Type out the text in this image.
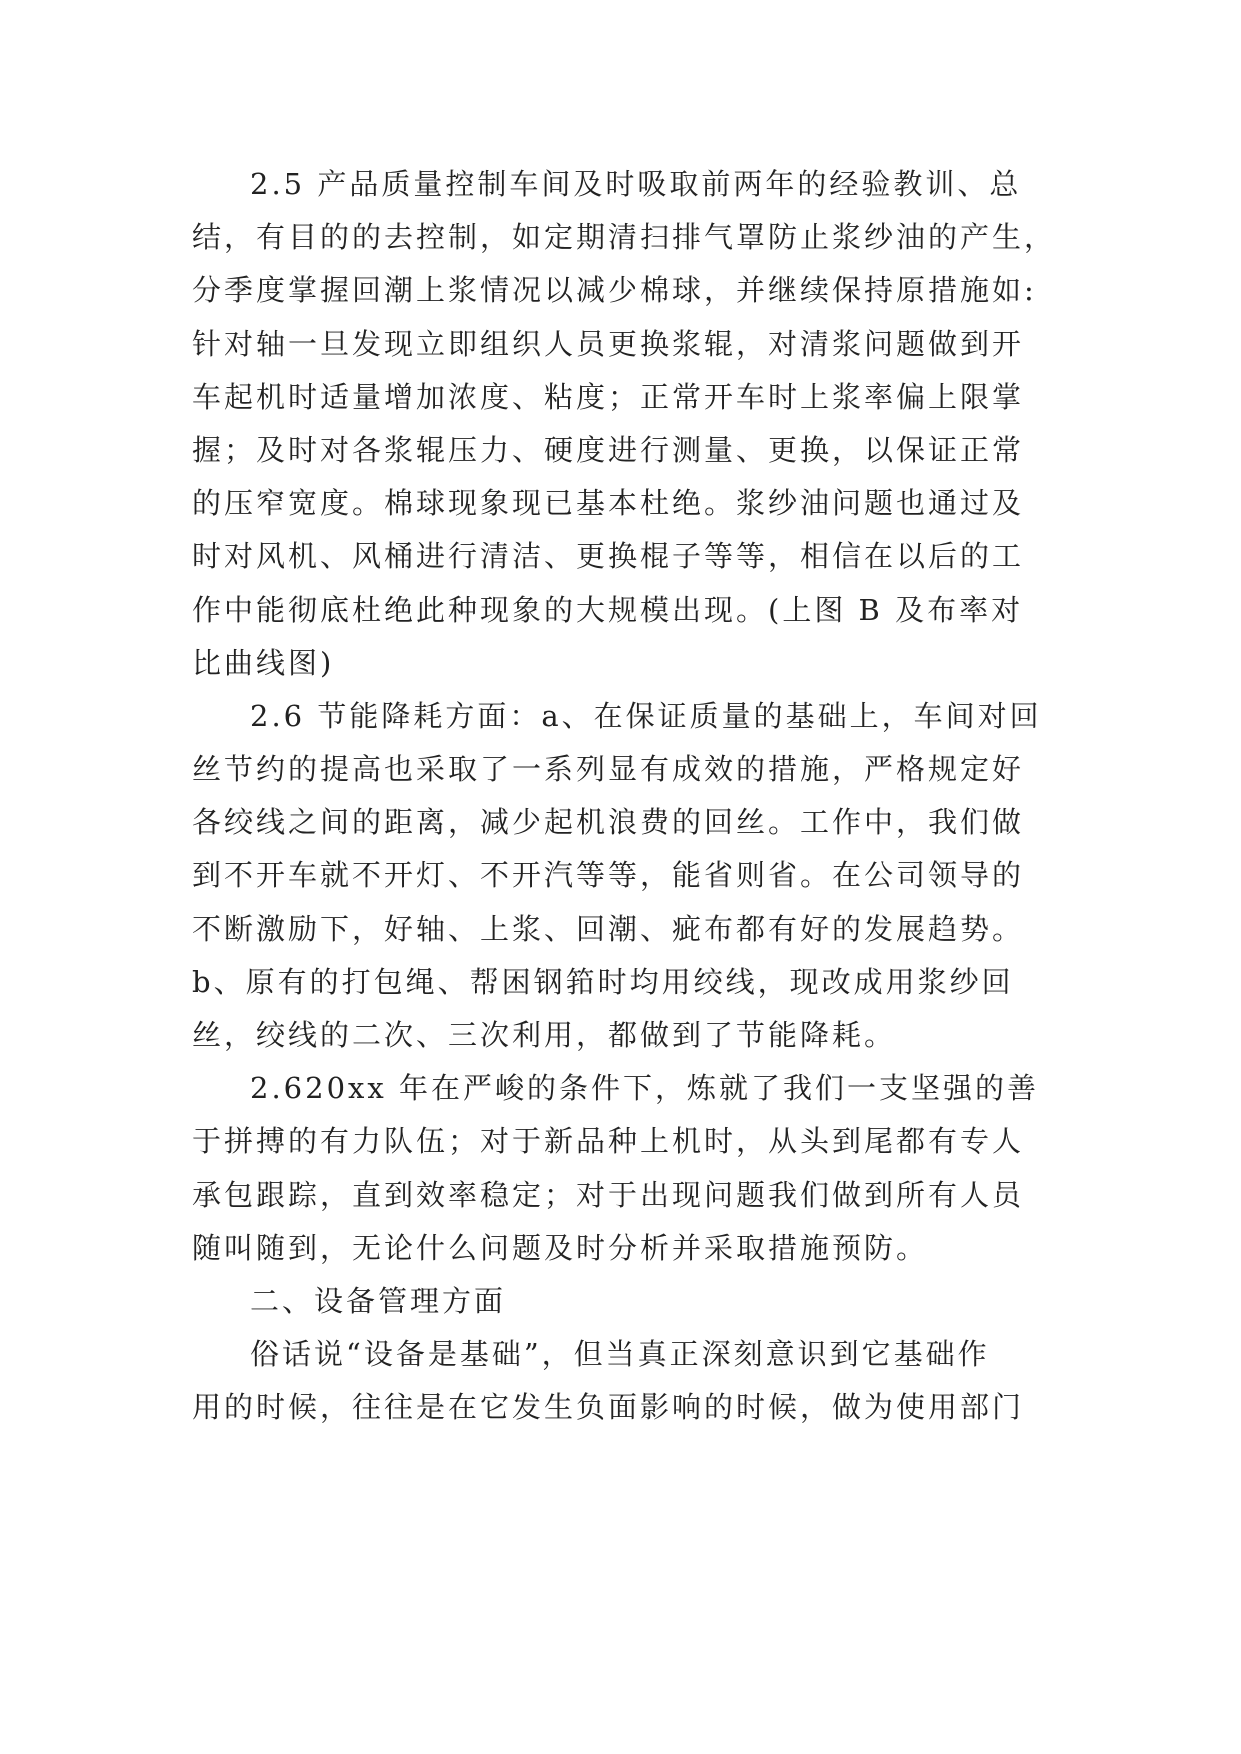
2.5 产品质量控制车间及时吸取前两年的经验教训、总
结，有目的的去控制，如定期清扫排气罩防止浆纱油的产生，
分季度掌握回潮上浆情况以减少棉球，并继续保持原措施如:
针对轴一旦发现立即组织人员更换浆辊，对清浆问题做到开
车起机时适量增加浓度、粘度；正常开车时上浆率偏上限掌
握；及时对各浆辊压力、硬度进行测量、更换，以保证正常
的压窄宽度。棉球现象现已基本杜绝。浆纱油问题也通过及
时对风机、风桶进行清洁、更换棍子等等，相信在以后的工
作中能彻底杜绝此种现象的大规模出现。(上图 B 及布率对
比曲线图)
2.6 节能降耗方面：a、在保证质量的基础上，车间对回
丝节约的提高也采取了一系列显有成效的措施，严格规定好
各绞线之间的距离，减少起机浪费的回丝。工作中，我们做
到不开车就不开灯、不开汽等等，能省则省。在公司领导的
不断激励下，好轴、上浆、回潮、疵布都有好的发展趋势。
b、原有的打包绳、帮困钢筘时均用绞线，现改成用浆纱回
丝，绞线的二次、三次利用，都做到了节能降耗。
2.620xx 年在严峻的条件下，炼就了我们一支坚强的善
于拼搏的有力队伍；对于新品种上机时，从头到尾都有专人
承包跟踪，直到效率稳定；对于出现问题我们做到所有人员
随叫随到，无论什么问题及时分析并采取措施预防。
二、设备管理方面
俗话说“设备是基础”，但当真正深刻意识到它基础作
用的时候，往往是在它发生负面影响的时候，做为使用部门
